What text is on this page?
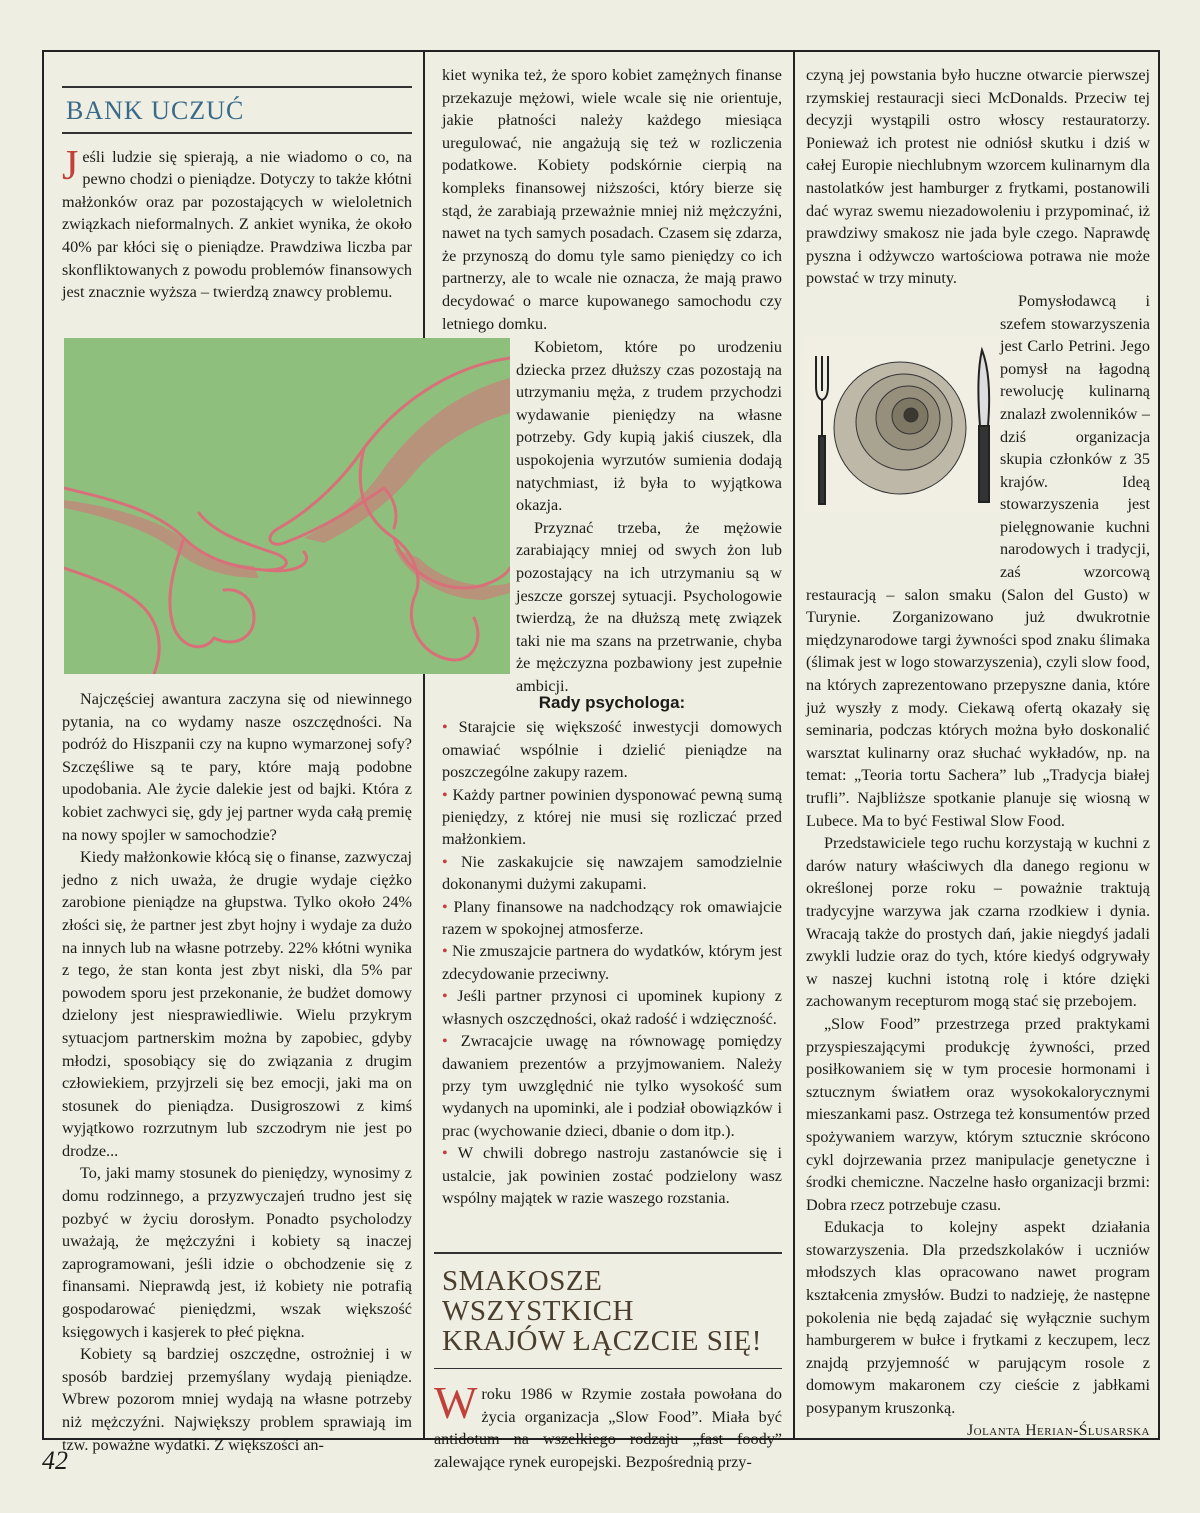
BANK UCZUĆ

Jeśli ludzie się spierają, a nie wiadomo o co, na pewno chodzi o pieniądze. Dotyczy to także kłótni małżonków oraz par pozostających w wieloletnich związkach nieformalnych. Z ankiet wynika, że około 40% par kłóci się o pieniądze. Prawdziwa liczba par skonfliktowanych z powodu problemów finansowych jest znacznie wyższa – twierdzą znawcy problemu.

Najczęściej awantura zaczyna się od niewinnego pytania, na co wydamy nasze oszczędności. Na podróż do Hiszpanii czy na kupno wymarzonej sofy? Szczęśliwe są te pary, które mają podobne upodobania. Ale życie dalekie jest od bajki. Która z kobiet zachwyci się, gdy jej partner wyda całą premię na nowy spojler w samochodzie?

Kiedy małżonkowie kłócą się o finanse, zazwyczaj jedno z nich uważa, że drugie wydaje ciężko zarobione pieniądze na głupstwa. Tylko około 24% złości się, że partner jest zbyt hojny i wydaje za dużo na innych lub na własne potrzeby. 22% kłótni wynika z tego, że stan konta jest zbyt niski, dla 5% par powodem sporu jest przekonanie, że budżet domowy dzielony jest niesprawiedliwie. Wielu przykrym sytuacjom partnerskim można by zapobiec, gdyby młodzi, sposobiący się do związania z drugim człowiekiem, przyjrzeli się bez emocji, jaki ma on stosunek do pieniądza. Dusigroszowi z kimś wyjątkowo rozrzutnym lub szczodrym nie jest po drodze...

To, jaki mamy stosunek do pieniędzy, wynosimy z domu rodzinnego, a przyzwyczajeń trudno jest się pozbyć w życiu dorosłym. Ponadto psycholodzy uważają, że mężczyźni i kobiety są inaczej zaprogramowani, jeśli idzie o obchodzenie się z finansami. Nieprawdą jest, iż kobiety nie potrafią gospodarować pieniędzmi, wszak większość księgowych i kasjerek to płeć piękna.

Kobiety są bardziej oszczędne, ostrożniej i w sposób bardziej przemyślany wydają pieniądze. Wbrew pozorom mniej wydają na własne potrzeby niż mężczyźni. Największy problem sprawiają im tzw. poważne wydatki. Z większości an-

kiet wynika też, że sporo kobiet zamężnych finanse przekazuje mężowi, wiele wcale się nie orientuje, jakie płatności należy każdego miesiąca uregulować, nie angażują się też w rozliczenia podatkowe. Kobiety podskórnie cierpią na kompleks finansowej niższości, który bierze się stąd, że zarabiają przeważnie mniej niż mężczyźni, nawet na tych samych posadach. Czasem się zdarza, że przynoszą do domu tyle samo pieniędzy co ich partnerzy, ale to wcale nie oznacza, że mają prawo decydować o marce kupowanego samochodu czy letniego domku.

Kobietom, które po urodzeniu dziecka przez dłuższy czas pozostają na utrzymaniu męża, z trudem przychodzi wydawanie pieniędzy na własne potrzeby. Gdy kupią jakiś ciuszek, dla uspokojenia wyrzutów sumienia dodają natychmiast, iż była to wyjątkowa okazja.

Przyznać trzeba, że mężowie zarabiający mniej od swych żon lub pozostający na ich utrzymaniu są w jeszcze gorszej sytuacji. Psychologowie twierdzą, że na dłuższą metę związek taki nie ma szans na przetrwanie, chyba że mężczyzna pozbawiony jest zupełnie ambicji.

Rady psychologa:
• Starajcie się większość inwestycji domowych omawiać wspólnie i dzielić pieniądze na poszczególne zakupy razem.
• Każdy partner powinien dysponować pewną sumą pieniędzy, z której nie musi się rozliczać przed małżonkiem.
• Nie zaskakujcie się nawzajem samodzielnie dokonanymi dużymi zakupami.
• Plany finansowe na nadchodzący rok omawiajcie razem w spokojnej atmosferze.
• Nie zmuszajcie partnera do wydatków, którym jest zdecydowanie przeciwny.
• Jeśli partner przynosi ci upominek kupiony z własnych oszczędności, okaż radość i wdzięczność.
• Zwracajcie uwagę na równowagę pomiędzy dawaniem prezentów a przyjmowaniem. Należy przy tym uwzględnić nie tylko wysokość sum wydanych na upominki, ale i podział obowiązków i prac (wychowanie dzieci, dbanie o dom itp.).
• W chwili dobrego nastroju zastanówcie się i ustalcie, jak powinien zostać podzielony wasz wspólny majątek w razie waszego rozstania.
SMAKOSZE WSZYSTKICH
KRAJÓW ŁĄCZCIE SIĘ!

W roku 1986 w Rzymie została powołana do życia organizacja „Slow Food”. Miała być antidotum na wszelkiego rodzaju „fast foody” zalewające rynek europejski. Bezpośrednią przy-

czyną jej powstania było huczne otwarcie pierwszej rzymskiej restauracji sieci McDonalds. Przeciw tej decyzji wystąpili ostro włoscy restauratorzy. Ponieważ ich protest nie odniósł skutku i dziś w całej Europie niechlubnym wzorcem kulinarnym dla nastolatków jest hamburger z frytkami, postanowili dać wyraz swemu niezadowoleniu i przypominać, iż prawdziwy smakosz nie jada byle czego. Naprawdę pyszna i odżywczo wartościowa potrawa nie może powstać w trzy minuty.

Pomysłodawcą i szefem stowarzyszenia jest Carlo Petrini. Jego pomysł na łagodną rewolucję kulinarną znalazł zwolenników – dziś organizacja skupia członków z 35 krajów. Ideą stowarzyszenia jest pielęgnowanie kuchni narodowych i tradycji, zaś wzorcową restauracją – salon smaku (Salon del Gusto) w Turynie. Zorganizowano już dwukrotnie międzynarodowe targi żywności spod znaku ślimaka (ślimak jest w logo stowarzyszenia), czyli slow food, na których zaprezentowano przepyszne dania, które już wyszły z mody. Ciekawą ofertą okazały się seminaria, podczas których można było doskonalić warsztat kulinarny oraz słuchać wykładów, np. na temat: „Teoria tortu Sachera” lub „Tradycja białej trufli”. Najbliższe spotkanie planuje się wiosną w Lubece. Ma to być Festiwal Slow Food.

Przedstawiciele tego ruchu korzystają w kuchni z darów natury właściwych dla danego regionu w określonej porze roku – poważnie traktują tradycyjne warzywa jak czarna rzodkiew i dynia. Wracają także do prostych dań, jakie niegdyś jadali zwykli ludzie oraz do tych, które kiedyś odgrywały w naszej kuchni istotną rolę i które dzięki zachowanym recepturom mogą stać się przebojem.

„Slow Food” przestrzega przed praktykami przyspieszającymi produkcję żywności, przed posiłkowaniem się w tym procesie hormonami i sztucznym światłem oraz wysokokalorycznymi mieszankami pasz. Ostrzega też konsumentów przed spożywaniem warzyw, którym sztucznie skrócono cykl dojrzewania przez manipulacje genetyczne i środki chemiczne. Naczelne hasło organizacji brzmi: Dobra rzecz potrzebuje czasu.

Edukacja to kolejny aspekt działania stowarzyszenia. Dla przedszkolaków i uczniów młodszych klas opracowano nawet program kształcenia zmysłów. Budzi to nadzieję, że następne pokolenia nie będą zajadać się wyłącznie suchym hamburgerem w bułce i frytkami z keczupem, lecz znajdą przyjemność w parującym rosole z domowym makaronem czy cieście z jabłkami posypanym kruszonką.

Jolanta Herian-Ślusarska

42
